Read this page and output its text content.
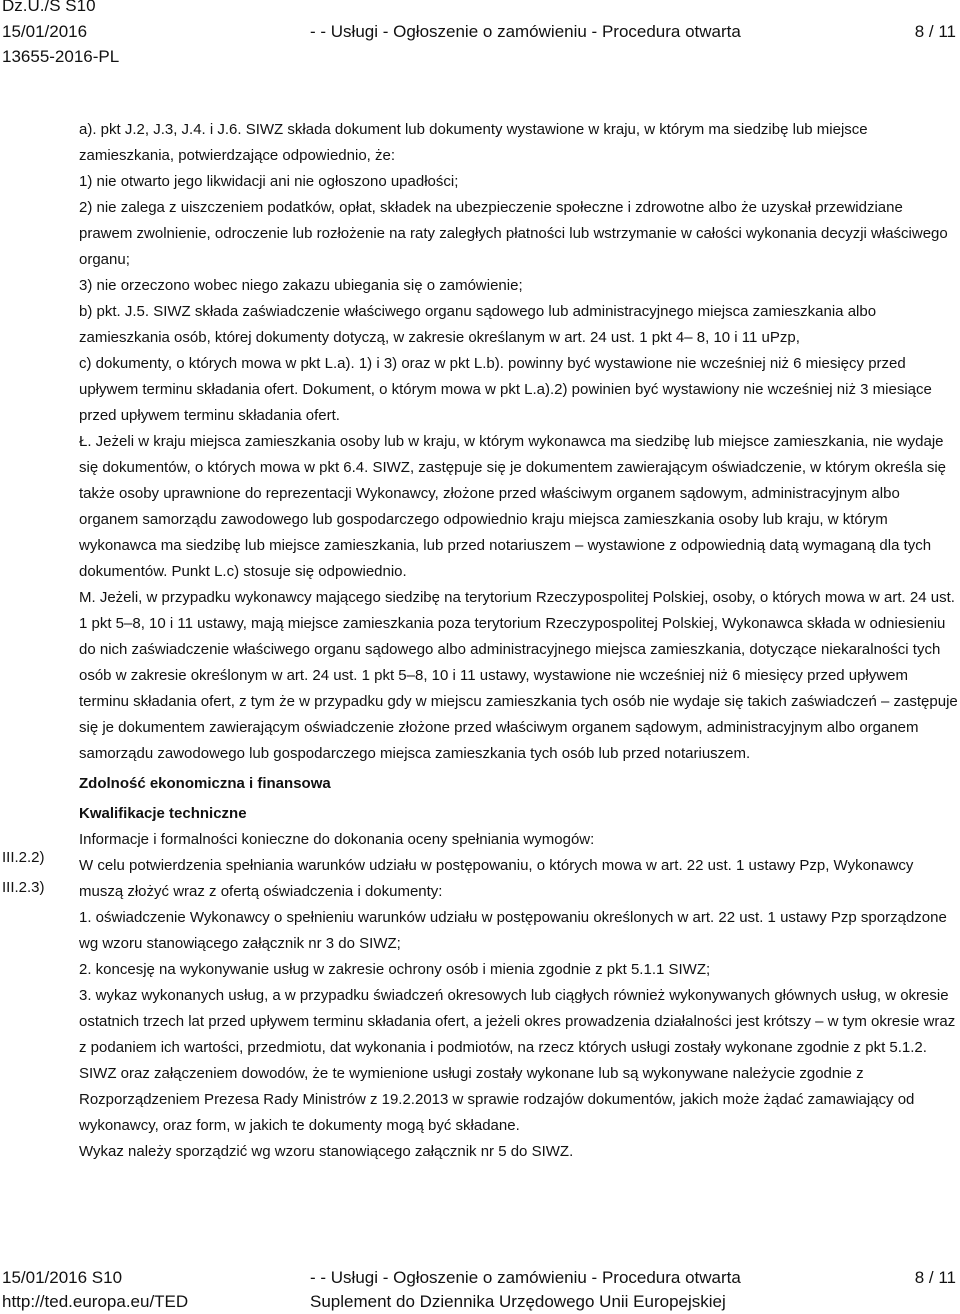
Dz.U./S S10
15/01/2016
13655-2016-PL
- - Usługi - Ogłoszenie o zamówieniu - Procedura otwarta	8 / 11
III.2.2)
III.2.3)

a). pkt J.2, J.3, J.4. i J.6. SIWZ składa dokument lub dokumenty wystawione w kraju, w którym ma siedzibę lub miejsce zamieszkania, potwierdzające odpowiednio, że:

1) nie otwarto jego likwidacji ani nie ogłoszono upadłości;

2) nie zalega z uiszczeniem podatków, opłat, składek na ubezpieczenie społeczne i zdrowotne albo że uzyskał przewidziane prawem zwolnienie, odroczenie lub rozłożenie na raty zaległych płatności lub wstrzymanie w całości wykonania decyzji właściwego organu;

3) nie orzeczono wobec niego zakazu ubiegania się o zamówienie;

b) pkt. J.5. SIWZ składa zaświadczenie właściwego organu sądowego lub administracyjnego miejsca zamieszkania albo zamieszkania osób, której dokumenty dotyczą, w zakresie określanym w art. 24 ust. 1 pkt 4– 8, 10 i 11 uPzp,

c) dokumenty, o których mowa w pkt L.a). 1) i 3) oraz w pkt L.b). powinny być wystawione nie wcześniej niż 6 miesięcy przed upływem terminu składania ofert. Dokument, o którym mowa w pkt L.a).2) powinien być wystawiony nie wcześniej niż 3 miesiące przed upływem terminu składania ofert.

Ł. Jeżeli w kraju miejsca zamieszkania osoby lub w kraju, w którym wykonawca ma siedzibę lub miejsce zamieszkania, nie wydaje się dokumentów, o których mowa w pkt 6.4. SIWZ, zastępuje się je dokumentem zawierającym oświadczenie, w którym określa się także osoby uprawnione do reprezentacji Wykonawcy, złożone przed właściwym organem sądowym, administracyjnym albo organem samorządu zawodowego lub gospodarczego odpowiednio kraju miejsca zamieszkania osoby lub kraju, w którym wykonawca ma siedzibę lub miejsce zamieszkania, lub przed notariuszem – wystawione z odpowiednią datą wymaganą dla tych dokumentów. Punkt L.c) stosuje się odpowiednio.

M. Jeżeli, w przypadku wykonawcy mającego siedzibę na terytorium Rzeczypospolitej Polskiej, osoby, o których mowa w art. 24 ust. 1 pkt 5–8, 10 i 11 ustawy, mają miejsce zamieszkania poza terytorium Rzeczypospolitej Polskiej, Wykonawca składa w odniesieniu do nich zaświadczenie właściwego organu sądowego albo administracyjnego miejsca zamieszkania, dotyczące niekaralności tych osób w zakresie określonym w art. 24 ust. 1 pkt 5–8, 10 i 11 ustawy, wystawione nie wcześniej niż 6 miesięcy przed upływem terminu składania ofert, z tym że w przypadku gdy w miejscu zamieszkania tych osób nie wydaje się takich zaświadczeń – zastępuje się je dokumentem zawierającym oświadczenie złożone przed właściwym organem sądowym, administracyjnym albo organem samorządu zawodowego lub gospodarczego miejsca zamieszkania tych osób lub przed notariuszem.

Zdolność ekonomiczna i finansowa

Kwalifikacje techniczne

Informacje i formalności konieczne do dokonania oceny spełniania wymogów:

W celu potwierdzenia spełniania warunków udziału w postępowaniu, o których mowa w art. 22 ust. 1 ustawy Pzp, Wykonawcy muszą złożyć wraz z ofertą oświadczenia i dokumenty:

1. oświadczenie Wykonawcy o spełnieniu warunków udziału w postępowaniu określonych w art. 22 ust. 1 ustawy Pzp sporządzone wg wzoru stanowiącego załącznik nr 3 do SIWZ;

2. koncesję na wykonywanie usług w zakresie ochrony osób i mienia zgodnie z pkt 5.1.1 SIWZ;

3. wykaz wykonanych usług, a w przypadku świadczeń okresowych lub ciągłych również wykonywanych głównych usług, w okresie ostatnich trzech lat przed upływem terminu składania ofert, a jeżeli okres prowadzenia działalności jest krótszy – w tym okresie wraz z podaniem ich wartości, przedmiotu, dat wykonania i podmiotów, na rzecz których usługi zostały wykonane zgodnie z pkt 5.1.2. SIWZ oraz załączeniem dowodów, że te wymienione usługi zostały wykonane lub są wykonywane należycie zgodnie z Rozporządzeniem Prezesa Rady Ministrów z 19.2.2013 w sprawie rodzajów dokumentów, jakich może żądać zamawiający od wykonawcy, oraz form, w jakich te dokumenty mogą być składane.

Wykaz należy sporządzić wg wzoru stanowiącego załącznik nr 5 do SIWZ.

15/01/2016 S10
http://ted.europa.eu/TED
- - Usługi - Ogłoszenie o zamówieniu - Procedura otwarta
Suplement do Dziennika Urzędowego Unii Europejskiej
8 / 11
